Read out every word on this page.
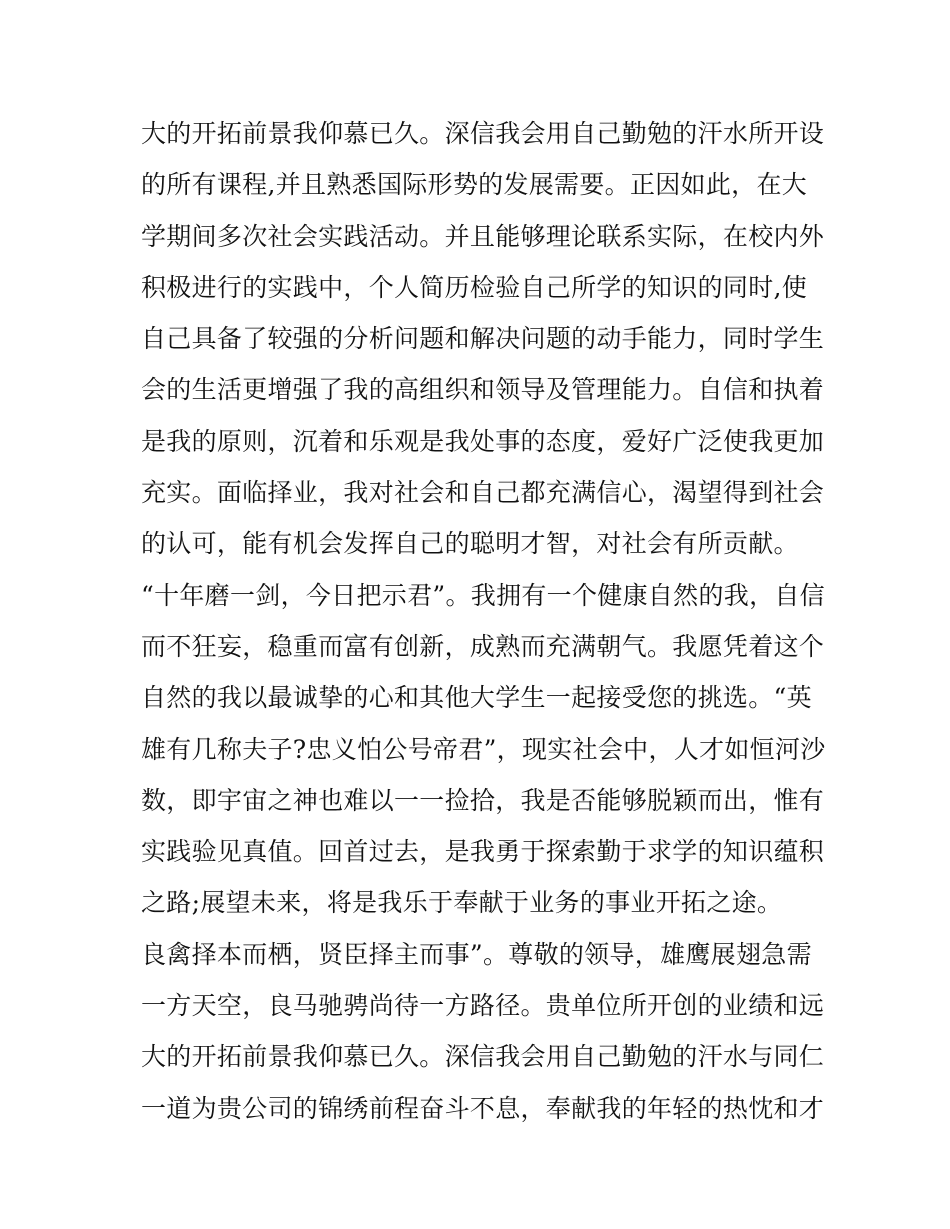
大的开拓前景我仰慕已久。深信我会用自己勤勉的汗水所开设
的所有课程,并且熟悉国际形势的发展需要。正因如此，在大
学期间多次社会实践活动。并且能够理论联系实际，在校内外
积极进行的实践中，个人简历检验自己所学的知识的同时,使
自己具备了较强的分析问题和解决问题的动手能力，同时学生
会的生活更增强了我的高组织和领导及管理能力。自信和执着
是我的原则，沉着和乐观是我处事的态度，爱好广泛使我更加
充实。面临择业，我对社会和自己都充满信心，渴望得到社会
的认可，能有机会发挥自己的聪明才智，对社会有所贡献。
“十年磨一剑，今日把示君”。我拥有一个健康自然的我，自信
而不狂妄，稳重而富有创新，成熟而充满朝气。我愿凭着这个
自然的我以最诚挚的心和其他大学生一起接受您的挑选。“英
雄有几称夫子?忠义怕公号帝君”，现实社会中，人才如恒河沙
数，即宇宙之神也难以一一捡拾，我是否能够脱颖而出，惟有
实践验见真值。回首过去，是我勇于探索勤于求学的知识蕴积
之路;展望未来，将是我乐于奉献于业务的事业开拓之途。
良禽择本而栖，贤臣择主而事”。尊敬的领导，雄鹰展翅急需
一方天空，良马驰骋尚待一方路径。贵单位所开创的业绩和远
大的开拓前景我仰慕已久。深信我会用自己勤勉的汗水与同仁
一道为贵公司的锦绣前程奋斗不息，奉献我的年轻的热忱和才
